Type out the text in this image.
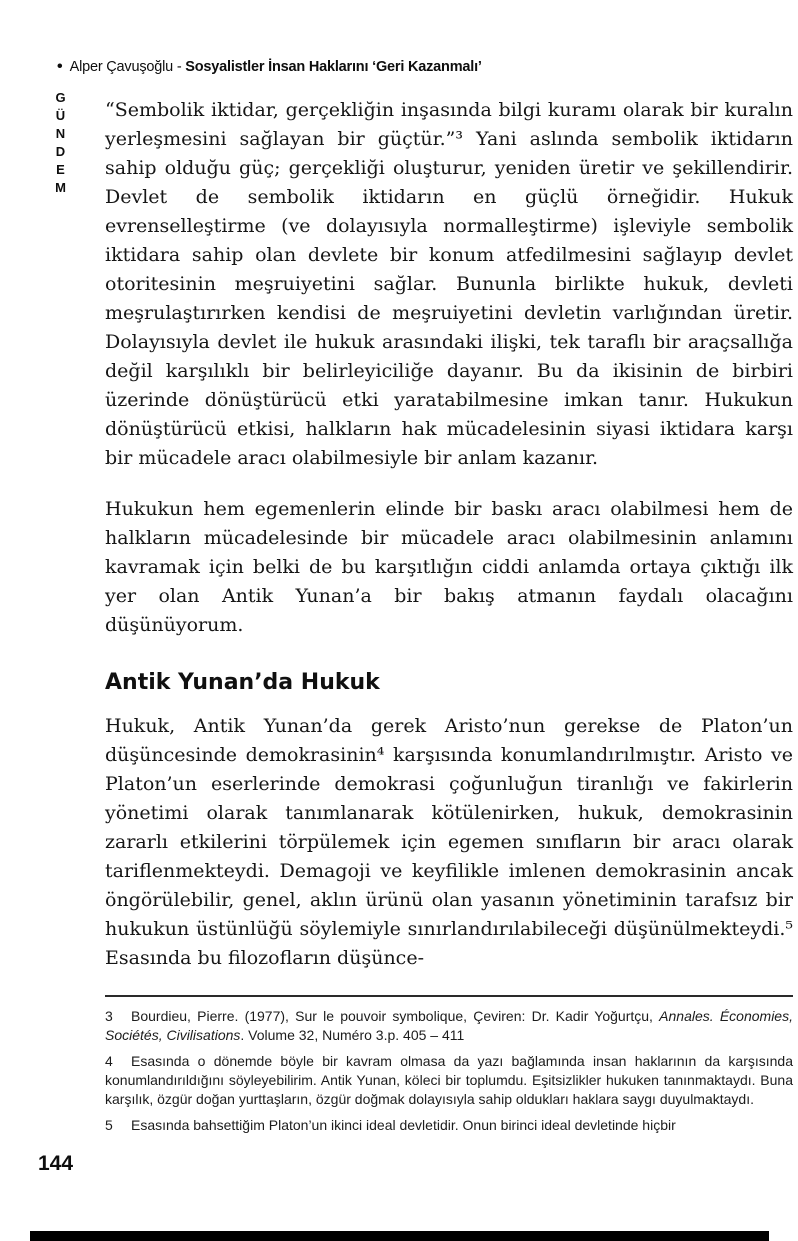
• Alper Çavuşoğlu - Sosyalistler İnsan Haklarını ‘Geri Kazanmalı’
GÜNDEM “Sembolik iktidar, gerçekliğin inşasında bilgi kuramı olarak bir kuralın yerleşmesini sağlayan bir güçtür.”³ Yani aslında sembolik iktidarın sahip olduğu güç; gerçekliği oluşturur, yeniden üretir ve şekillendirir. Devlet de sembolik iktidarın en güçlü örneğidir. Hukuk evrenselleştirme (ve dolayısıyla normalleştirme) işleviyle sembolik iktidara sahip olan devlete bir konum atfedilmesini sağlayıp devlet otoritesinin meşruiyetini sağlar. Bununla birlikte hukuk, devleti meşrulaştırırken kendisi de meşruiyetini devletin varlığından üretir. Dolayısıyla devlet ile hukuk arasındaki ilişki, tek taraflı bir araçsallığa değil karşılıklı bir belirleyiciliğe dayanır. Bu da ikisinin de birbiri üzerinde dönüştürücü etki yaratabilmesine imkan tanır. Hukukun dönüştürücü etkisi, halkların hak mücadelesinin siyasi iktidara karşı bir mücadele aracı olabilmesiyle bir anlam kazanır.

Hukukun hem egemenlerin elinde bir baskı aracı olabilmesi hem de halkların mücadelesinde bir mücadele aracı olabilmesinin anlamını kavramak için belki de bu karşıtlığın ciddi anlamda ortaya çıktığı ilk yer olan Antik Yunan’a bir bakış atmanın faydalı olacağını düşünüyorum.

Antik Yunan’da Hukuk

Hukuk, Antik Yunan’da gerek Aristo’nun gerekse de Platon’un düşüncesinde demokrasinin⁴ karşısında konumlandırılmıştır. Aristo ve Platon’un eserlerinde demokrasi çoğunluğun tiranlığı ve fakirlerin yönetimi olarak tanımlanarak kötülenirken, hukuk, demokrasinin zararlı etkilerini törpülemek için egemen sınıfların bir aracı olarak tariflenmekteydi. Demagoji ve keyfilikle imlenen demokrasinin ancak öngörülebilir, genel, aklın ürünü olan yasanın yönetiminin tarafsız bir hukukun üstünlüğü söylemiyle sınırlandırılabileceği düşünülmekteydi.⁵ Esasında bu filozofların düşünce-

3 Bourdieu, Pierre. (1977), Sur le pouvoir symbolique, Çeviren: Dr. Kadir Yoğurtçu, Annales. Économies, Sociétés, Civilisations. Volume 32, Numéro 3.p. 405 – 411

4 Esasında o dönemde böyle bir kavram olmasa da yazı bağlamında insan haklarının da karşısında konumlandırıldığını söyleyebilirim. Antik Yunan, köleci bir toplumdu. Eşitsizlikler hukuken tanınmaktaydı. Buna karşılık, özgür doğan yurttaşların, özgür doğmak dolayısıyla sahip oldukları haklara saygı duyulmaktaydı.

5 Esasında bahsettiğim Platon’un ikinci ideal devletidir. Onun birinci ideal devletinde hiçbir

144
